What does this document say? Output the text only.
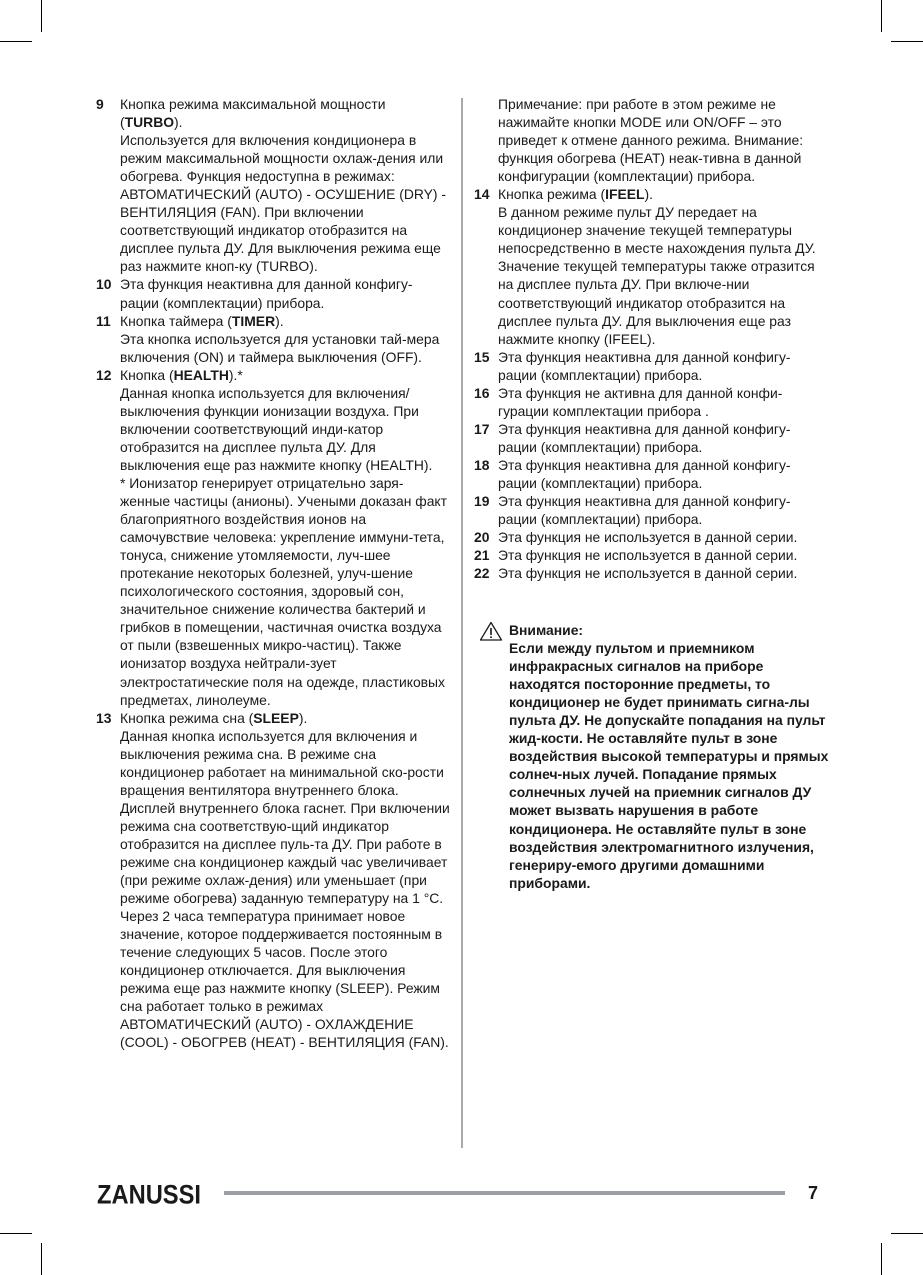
9 Кнопка режима максимальной мощности (TURBO).
Используется для включения кондиционера в режим максимальной мощности охлаж-дения или обогрева. Функция недоступна в режимах: АВТОМАТИЧЕСКИЙ (AUTO) - ОСУШЕНИЕ (DRY) - ВЕНТИЛЯЦИЯ (FAN). При включении соответствующий индикатор отобразится на дисплее пульта ДУ. Для выключения режима еще раз нажмите кноп-ку (TURBO).
10 Эта функция неактивна для данной конфигу-рации (комплектации) прибора.
11 Кнопка таймера (TIMER).
Эта кнопка используется для установки тай-мера включения (ON) и таймера выключения (OFF).
12 Кнопка (HEALTH).*
Данная кнопка используется для включения/ выключения функции ионизации воздуха. При включении соответствующий инди-катор отобразится на дисплее пульта ДУ. Для выключения еще раз нажмите кнопку (HEALTH).
* Ионизатор генерирует отрицательно заря-женные частицы (анионы). Учеными доказан факт благоприятного воздействия ионов на самочувствие человека: укрепление иммуни-тета, тонуса, снижение утомляемости, луч-шее протекание некоторых болезней, улуч-шение психологического состояния, здоровый сон, значительное снижение количества бактерий и грибков в помещении, частичная очистка воздуха от пыли (взвешенных микро-частиц). Также ионизатор воздуха нейтрали-зует электростатические поля на одежде, пластиковых предметах, линолеуме.
13 Кнопка режима сна (SLEEP).
Данная кнопка используется для включения и выключения режима сна. В режиме сна кондиционер работает на минимальной ско-рости вращения вентилятора внутреннего блока. Дисплей внутреннего блока гаснет. При включении режима сна соответствую-щий индикатор отобразится на дисплее пуль-та ДУ. При работе в режиме сна кондиционер каждый час увеличивает (при режиме охлаж-дения) или уменьшает (при режиме обогрева) заданную температуру на 1 °С. Через 2 часа температура принимает новое значение, которое поддерживается постоянным в течение следующих 5 часов. После этого кондиционер отключается. Для выключения режима еще раз нажмите кнопку (SLEEP). Режим сна работает только в режимах АВТОМАТИЧЕСКИЙ (AUTO) - ОХЛАЖДЕНИЕ (COOL) - ОБОГРЕВ (HEAT) - ВЕНТИЛЯЦИЯ (FAN).
Примечание: при работе в этом режиме не нажимайте кнопки MODE или ON/OFF – это приведет к отмене данного режима. Внимание: функция обогрева (HEAT) неак-тивна в данной конфигурации (комплектации) прибора.
14 Кнопка режима (IFEEL).
В данном режиме пульт ДУ передает на кондиционер значение текущей температуры непосредственно в месте нахождения пульта ДУ. Значение текущей температуры также отразится на дисплее пульта ДУ. При включе-нии соответствующий индикатор отобразится на дисплее пульта ДУ. Для выключения еще раз нажмите кнопку (IFEEL).
15 Эта функция неактивна для данной конфигу-рации (комплектации) прибора.
16 Эта функция не активна для данной конфи-гурации комплектации прибора .
17 Эта функция неактивна для данной конфигу-рации (комплектации) прибора.
18 Эта функция неактивна для данной конфигу-рации (комплектации) прибора.
19 Эта функция неактивна для данной конфигу-рации (комплектации) прибора.
20 Эта функция не используется в данной серии.
21 Эта функция не используется в данной серии.
22 Эта функция не используется в данной серии.
Внимание:
Если между пультом и приемником инфракрасных сигналов на приборе находятся посторонние предметы, то кондиционер не будет принимать сигна-лы пульта ДУ. Не допускайте попадания на пульт жид-кости. Не оставляйте пульт в зоне воздействия высокой температуры и прямых солнеч-ных лучей. Попадание прямых солнечных лучей на приемник сигналов ДУ может вызвать нарушения в работе кондиционера. Не оставляйте пульт в зоне воздействия электромагнитного излучения, генериру-емого другими домашними приборами.
ZANUSSI	7
